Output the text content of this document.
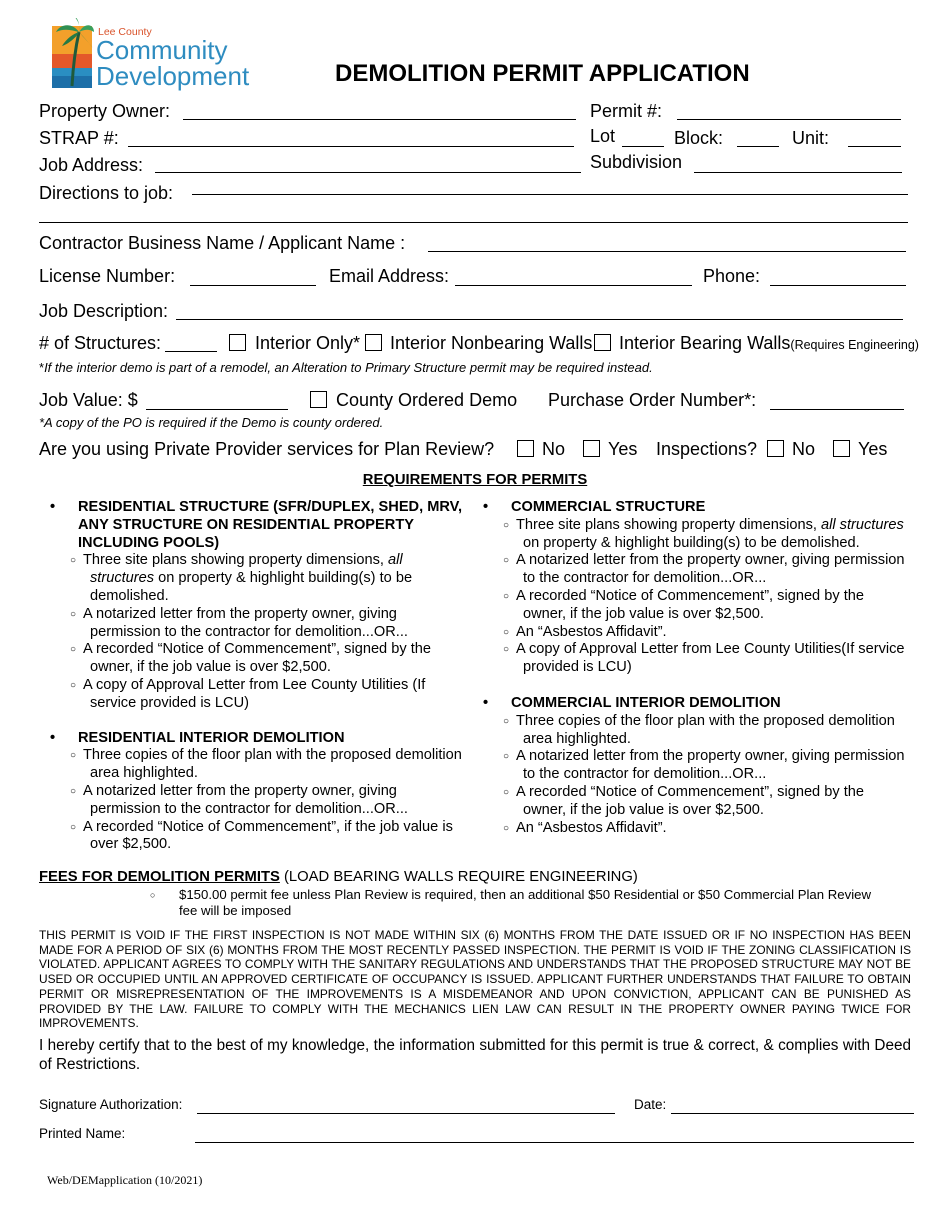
Lee County
Community
Development	DEMOLITION PERMIT APPLICATION
Property Owner:	Permit #:
STRAP #:	Lot	Block:	Unit:
Job Address:	Subdivision
Directions to job:
Contractor Business Name / Applicant Name :
License Number:	Email Address:	Phone:
Job Description:
# of Structures:	Interior Only* Interior Nonbearing Walls Interior Bearing Walls(Requires Engineering)
*If the interior demo is part of a remodel, an Alteration to Primary Structure permit may be required instead.
Job Value: $	County Ordered Demo Purchase Order Number*:
*A copy of the PO is required if the Demo is county ordered.
Are you using Private Provider services for Plan Review?	No Yes Inspections? No Yes
REQUIREMENTS FOR PERMITS
• RESIDENTIAL STRUCTURE (SFR/DUPLEX, SHED, MRV, ANY STRUCTURE ON RESIDENTIAL PROPERTY INCLUDING POOLS)
○ Three site plans showing property dimensions, all structures on property & highlight building(s) to be demolished.
○ A notarized letter from the property owner, giving permission to the contractor for demolition...OR...
○ A recorded “Notice of Commencement”, signed by the owner, if the job value is over $2,500.
○ A copy of Approval Letter from Lee County Utilities (If service provided is LCU)
• RESIDENTIAL INTERIOR DEMOLITION
○ Three copies of the floor plan with the proposed demolition area highlighted.
○ A notarized letter from the property owner, giving permission to the contractor for demolition...OR...
○ A recorded “Notice of Commencement”, if the job value is over $2,500.
• COMMERCIAL STRUCTURE
○ Three site plans showing property dimensions, all structures on property & highlight building(s) to be demolished.
○ A notarized letter from the property owner, giving permission to the contractor for demolition...OR...
○ A recorded “Notice of Commencement”, signed by the owner, if the job value is over $2,500.
○ An “Asbestos Affidavit”.
○ A copy of Approval Letter from Lee County Utilities(If service provided is LCU)
• COMMERCIAL INTERIOR DEMOLITION
○ Three copies of the floor plan with the proposed demolition area highlighted.
○ A notarized letter from the property owner, giving permission to the contractor for demolition...OR...
○ A recorded “Notice of Commencement”, signed by the owner, if the job value is over $2,500.
○ An “Asbestos Affidavit”.
FEES FOR DEMOLITION PERMITS (LOAD BEARING WALLS REQUIRE ENGINEERING)
○ $150.00 permit fee unless Plan Review is required, then an additional $50 Residential or $50 Commercial Plan Review fee will be imposed
THIS PERMIT IS VOID IF THE FIRST INSPECTION IS NOT MADE WITHIN SIX (6) MONTHS FROM THE DATE ISSUED OR IF NO INSPECTION HAS BEEN MADE FOR A PERIOD OF SIX (6) MONTHS FROM THE MOST RECENTLY PASSED INSPECTION. THE PERMIT IS VOID IF THE ZONING CLASSIFICATION IS VIOLATED. APPLICANT AGREES TO COMPLY WITH THE SANITARY REGULATIONS AND UNDERSTANDS THAT THE PROPOSED STRUCTURE MAY NOT BE USED OR OCCUPIED UNTIL AN APPROVED CERTIFICATE OF OCCUPANCY IS ISSUED. APPLICANT FURTHER UNDERSTANDS THAT FAILURE TO OBTAIN PERMIT OR MISREPRESENTATION OF THE IMPROVEMENTS IS A MISDEMEANOR AND UPON CONVICTION, APPLICANT CAN BE PUNISHED AS PROVIDED BY THE LAW. FAILURE TO COMPLY WITH THE MECHANICS LIEN LAW CAN RESULT IN THE PROPERTY OWNER PAYING TWICE FOR IMPROVEMENTS.
I hereby certify that to the best of my knowledge, the information submitted for this permit is true & correct, & complies with Deed of Restrictions.
Signature Authorization:	Date:
Printed Name:
Web/DEMapplication (10/2021)
